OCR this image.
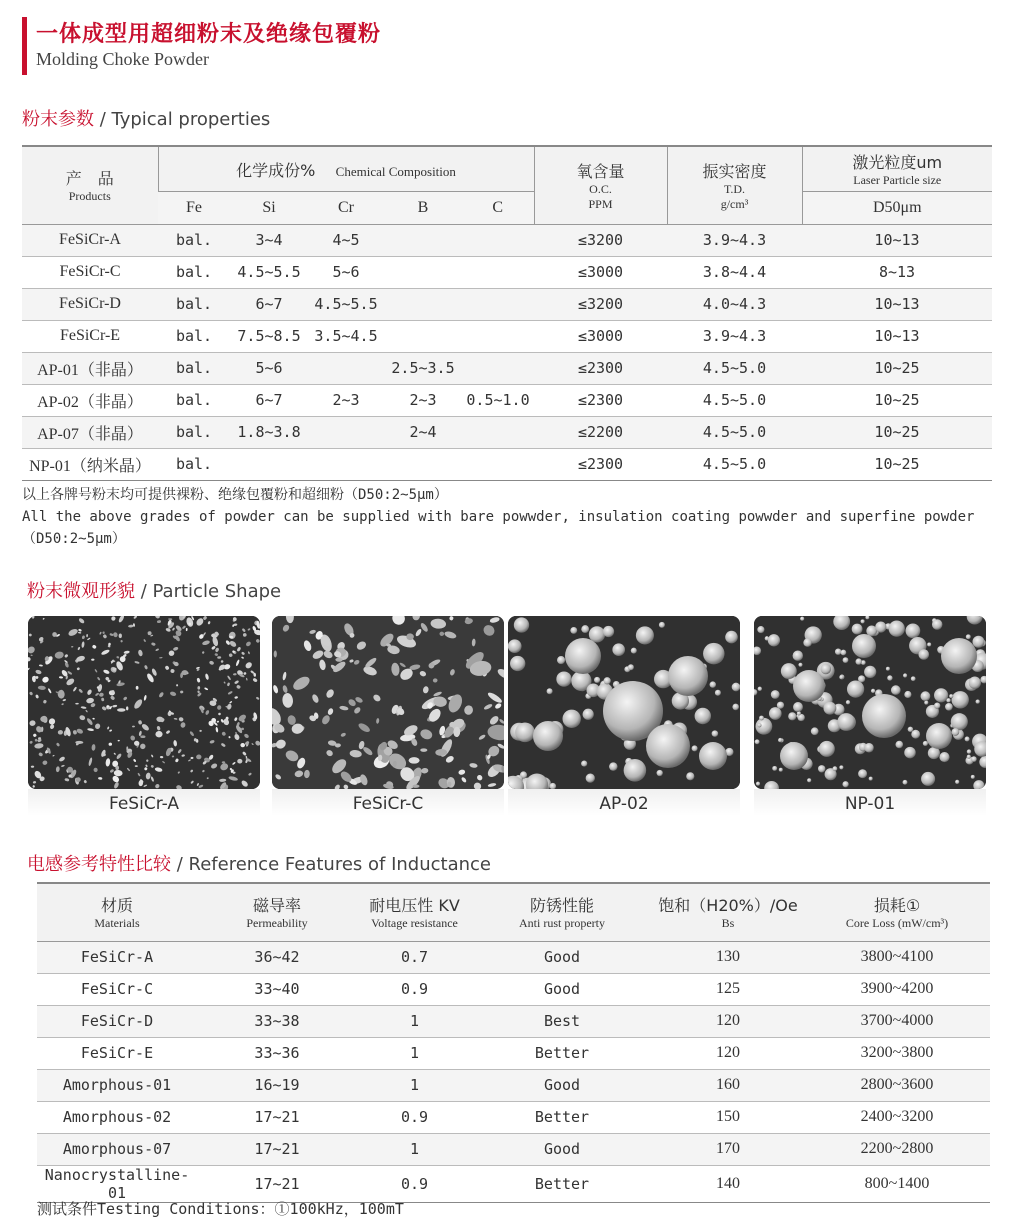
一体成型用超细粉末及绝缘包覆粉
Molding Choke Powder
粉末参数 / Typical properties
产　品
Products	化学成份% Chemical Composition					氧含量
O.C.
PPM	振实密度
T.D.
g/cm³	激光粒度um
Laser Particle size

	Fe	Si	Cr	B	C			D50μm
FeSiCr-A	bal.	3~4	4~5			≤3200	3.9~4.3	10~13
FeSiCr-C	bal.	4.5~5.5	5~6			≤3000	3.8~4.4	8~13
FeSiCr-D	bal.	6~7	4.5~5.5			≤3200	4.0~4.3	10~13
FeSiCr-E	bal.	7.5~8.5	3.5~4.5			≤3000	3.9~4.3	10~13
AP-01（非晶）	bal.	5~6		2.5~3.5		≤2300	4.5~5.0	10~25
AP-02（非晶）	bal.	6~7	2~3	2~3	0.5~1.0	≤2300	4.5~5.0	10~25
AP-07（非晶）	bal.	1.8~3.8		2~4		≤2200	4.5~5.0	10~25
NP-01（纳米晶）	bal.					≤2300	4.5~5.0	10~25
以上各牌号粉末均可提供裸粉、绝缘包覆粉和超细粉（D50:2~5μm）
All the above grades of powder can be supplied with bare powwder, insulation coating powwder and superfine powder（D50:2~5μm）
粉末微观形貌 / Particle Shape
FeSiCr-A	FeSiCr-C	AP-02	NP-01
电感参考特性比较 / Reference Features of Inductance
材质
Materials	磁导率
Permeability	耐电压性 KV
Voltage resistance	防锈性能
Anti rust property	饱和（H20%）/Oe
Bs	损耗①
Core Loss (mW/cm³)

FeSiCr-A	36~42	0.7	Good	130	3800~4100
FeSiCr-C	33~40	0.9	Good	125	3900~4200
FeSiCr-D	33~38	1	Best	120	3700~4000
FeSiCr-E	33~36	1	Better	120	3200~3800
Amorphous-01	16~19	1	Good	160	2800~3600
Amorphous-02	17~21	0.9	Better	150	2400~3200
Amorphous-07	17~21	1	Good	170	2200~2800
Nanocrystalline-01	17~21	0.9	Better	140	800~1400
测试条件Testing Conditions：①100kHz，100mT
